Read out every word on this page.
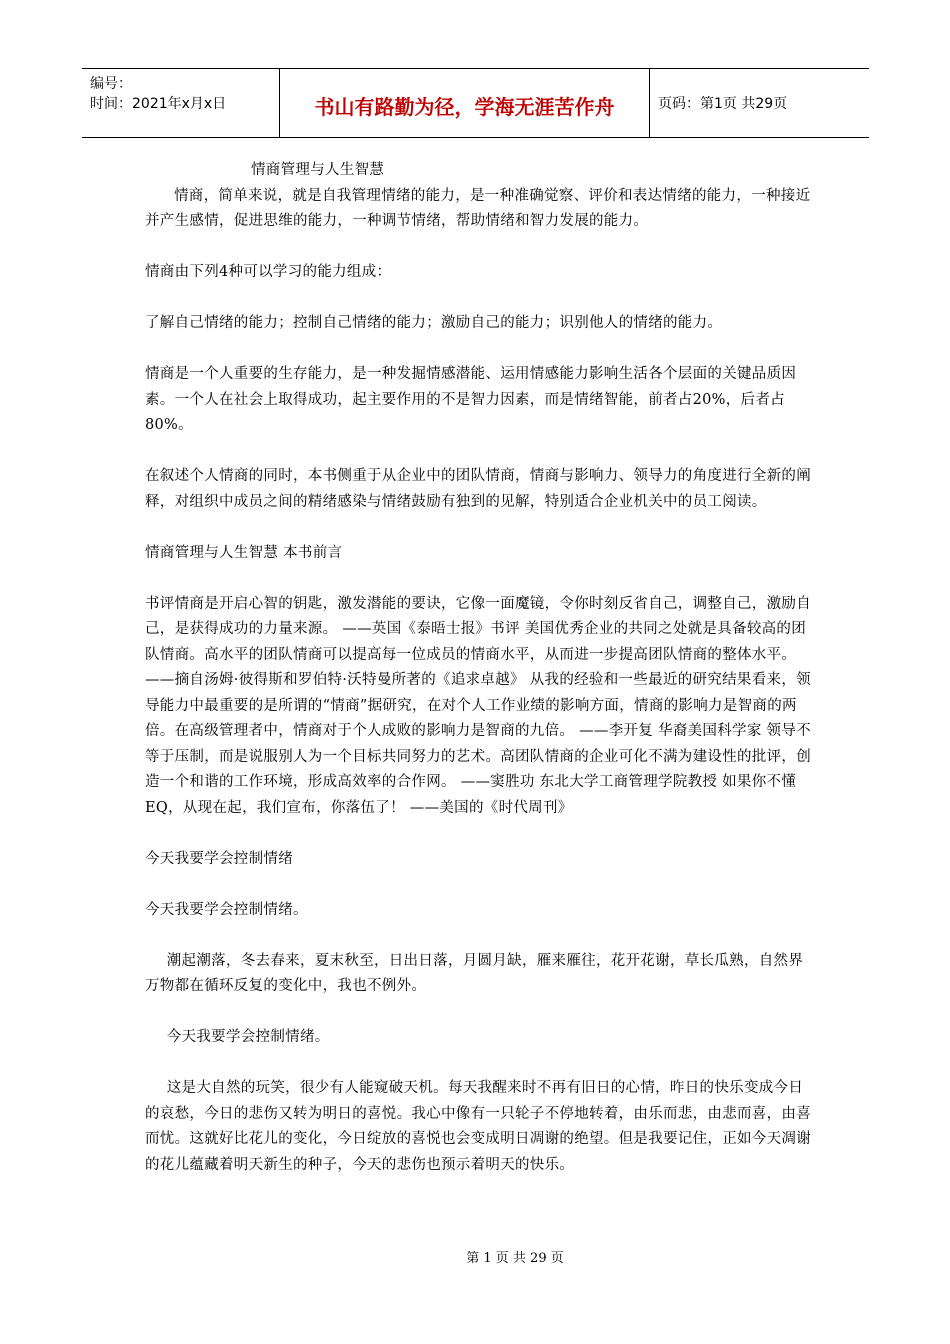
编号：
时间：2021年x月x日	书山有路勤为径，学海无涯苦作舟	页码：第1页 共29页

情商管理与人生智慧

情商，简单来说，就是自我管理情绪的能力，是一种准确觉察、评价和表达情绪的能力，一种接近并产生感情，促进思维的能力，一种调节情绪，帮助情绪和智力发展的能力。

情商由下列4种可以学习的能力组成：

了解自己情绪的能力；控制自己情绪的能力；激励自己的能力；识别他人的情绪的能力。

情商是一个人重要的生存能力，是一种发掘情感潜能、运用情感能力影响生活各个层面的关键品质因素。一个人在社会上取得成功，起主要作用的不是智力因素，而是情绪智能，前者占20%，后者占80%。

在叙述个人情商的同时，本书侧重于从企业中的团队情商，情商与影响力、领导力的角度进行全新的阐释，对组织中成员之间的精绪感染与情绪鼓励有独到的见解，特别适合企业机关中的员工阅读。

情商管理与人生智慧 本书前言

书评情商是开启心智的钥匙，激发潜能的要诀，它像一面魔镜，令你时刻反省自己，调整自己，激励自己，是获得成功的力量来源。 ——英国《泰晤士报》书评 美国优秀企业的共同之处就是具备较高的团队情商。高水平的团队情商可以提高每一位成员的情商水平，从而进一步提高团队情商的整体水平。 ——摘自汤姆·彼得斯和罗伯特·沃特曼所著的《追求卓越》 从我的经验和一些最近的研究结果看来，领导能力中最重要的是所谓的“情商”据研究，在对个人工作业绩的影响方面，情商的影响力是智商的两倍。在高级管理者中，情商对于个人成败的影响力是智商的九倍。 ——李开复 华裔美国科学家 领导不等于压制，而是说服别人为一个目标共同努力的艺术。高团队情商的企业可化不满为建设性的批评，创造一个和谐的工作环境，形成高效率的合作网。 ——窦胜功 东北大学工商管理学院教授 如果你不懂EQ，从现在起，我们宣布，你落伍了！ ——美国的《时代周刊》

今天我要学会控制情绪

今天我要学会控制情绪。

潮起潮落，冬去春来，夏末秋至，日出日落，月圆月缺，雁来雁往，花开花谢，草长瓜熟，自然界万物都在循环反复的变化中，我也不例外。

今天我要学会控制情绪。

这是大自然的玩笑，很少有人能窥破天机。每天我醒来时不再有旧日的心情，昨日的快乐变成今日的哀愁，今日的悲伤又转为明日的喜悦。我心中像有一只轮子不停地转着，由乐而悲，由悲而喜，由喜而忧。这就好比花儿的变化，今日绽放的喜悦也会变成明日凋谢的绝望。但是我要记住，正如今天凋谢的花儿蕴藏着明天新生的种子，今天的悲伤也预示着明天的快乐。

第 1 页 共 29 页
